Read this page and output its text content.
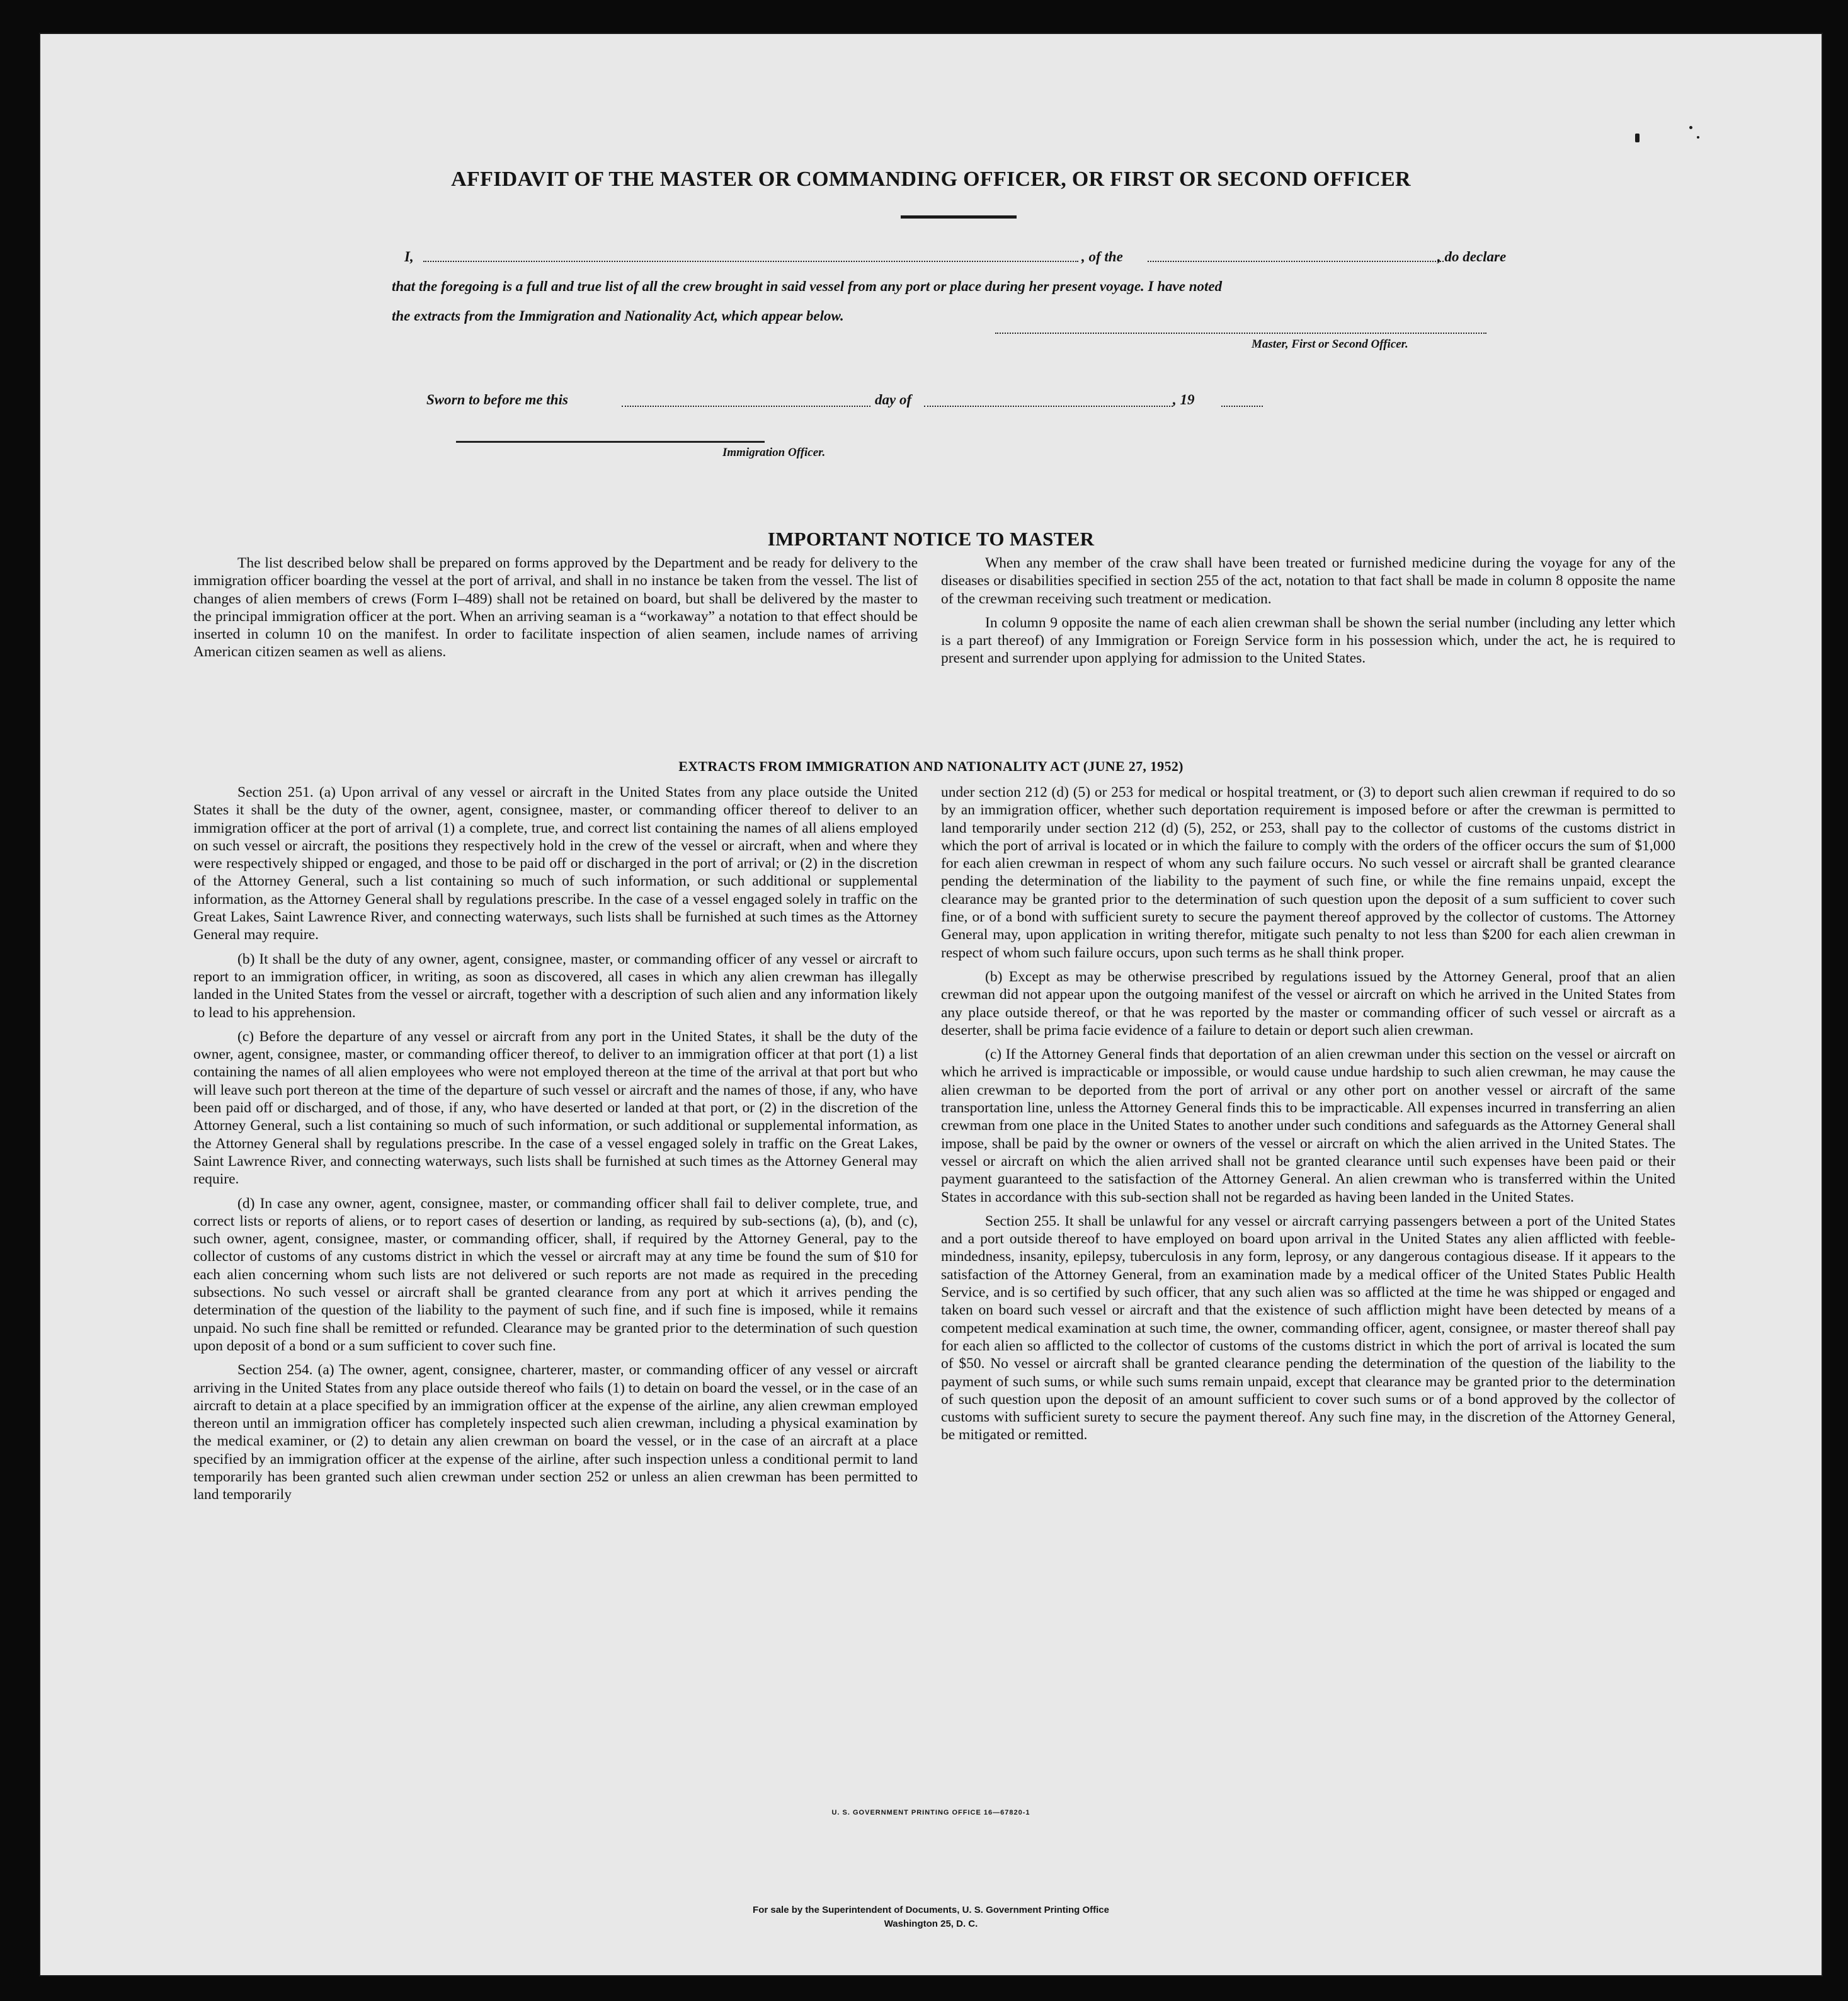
AFFIDAVIT OF THE MASTER OR COMMANDING OFFICER, OR FIRST OR SECOND OFFICER
I,	, of the	, do declare
that the foregoing is a full and true list of all the crew brought in said vessel from any port or place during her present voyage. I have noted
the extracts from the Immigration and Nationality Act, which appear below.
Master, First or Second Officer.
Sworn to before me this	day of	, 19
Immigration Officer.
IMPORTANT NOTICE TO MASTER

The list described below shall be prepared on forms approved by the Department and be ready for delivery to the immigration officer boarding the vessel at the port of arrival, and shall in no instance be taken from the vessel. The list of changes of alien members of crews (Form I–489) shall not be retained on board, but shall be delivered by the master to the principal immigration officer at the port. When an arriving seaman is a “workaway” a notation to that effect should be inserted in column 10 on the manifest. In order to facilitate inspection of alien seamen, include names of arriving American citizen seamen as well as aliens.

When any member of the craw shall have been treated or furnished medicine during the voyage for any of the diseases or disabilities specified in section 255 of the act, notation to that fact shall be made in column 8 opposite the name of the crewman receiving such treatment or medication.

In column 9 opposite the name of each alien crewman shall be shown the serial number (including any letter which is a part thereof) of any Immigration or Foreign Service form in his possession which, under the act, he is required to present and surrender upon applying for admission to the United States.

EXTRACTS FROM IMMIGRATION AND NATIONALITY ACT (JUNE 27, 1952)

Section 251. (a) Upon arrival of any vessel or aircraft in the United States from any place outside the United States it shall be the duty of the owner, agent, consignee, master, or commanding officer thereof to deliver to an immigration officer at the port of arrival (1) a complete, true, and correct list containing the names of all aliens employed on such vessel or aircraft, the positions they respectively hold in the crew of the vessel or aircraft, when and where they were respectively shipped or engaged, and those to be paid off or discharged in the port of arrival; or (2) in the discretion of the Attorney General, such a list containing so much of such information, or such additional or supplemental information, as the Attorney General shall by regulations prescribe. In the case of a vessel engaged solely in traffic on the Great Lakes, Saint Lawrence River, and connecting waterways, such lists shall be furnished at such times as the Attorney General may require.

(b) It shall be the duty of any owner, agent, consignee, master, or commanding officer of any vessel or aircraft to report to an immigration officer, in writing, as soon as discovered, all cases in which any alien crewman has illegally landed in the United States from the vessel or aircraft, together with a description of such alien and any information likely to lead to his apprehension.

(c) Before the departure of any vessel or aircraft from any port in the United States, it shall be the duty of the owner, agent, consignee, master, or commanding officer thereof, to deliver to an immigration officer at that port (1) a list containing the names of all alien employees who were not employed thereon at the time of the arrival at that port but who will leave such port thereon at the time of the departure of such vessel or aircraft and the names of those, if any, who have been paid off or discharged, and of those, if any, who have deserted or landed at that port, or (2) in the discretion of the Attorney General, such a list containing so much of such information, or such additional or supplemental information, as the Attorney General shall by regulations prescribe. In the case of a vessel engaged solely in traffic on the Great Lakes, Saint Lawrence River, and connecting waterways, such lists shall be furnished at such times as the Attorney General may require.

(d) In case any owner, agent, consignee, master, or commanding officer shall fail to deliver complete, true, and correct lists or reports of aliens, or to report cases of desertion or landing, as required by sub-sections (a), (b), and (c), such owner, agent, consignee, master, or commanding officer, shall, if required by the Attorney General, pay to the collector of customs of any customs district in which the vessel or aircraft may at any time be found the sum of $10 for each alien concerning whom such lists are not delivered or such reports are not made as required in the preceding subsections. No such vessel or aircraft shall be granted clearance from any port at which it arrives pending the determination of the question of the liability to the payment of such fine, and if such fine is imposed, while it remains unpaid. No such fine shall be remitted or refunded. Clearance may be granted prior to the determination of such question upon deposit of a bond or a sum sufficient to cover such fine.

Section 254. (a) The owner, agent, consignee, charterer, master, or commanding officer of any vessel or aircraft arriving in the United States from any place outside thereof who fails (1) to detain on board the vessel, or in the case of an aircraft to detain at a place specified by an immigration officer at the expense of the airline, any alien crewman employed thereon until an immigration officer has completely inspected such alien crewman, including a physical examination by the medical examiner, or (2) to detain any alien crewman on board the vessel, or in the case of an aircraft at a place specified by an immigration officer at the expense of the airline, after such inspection unless a conditional permit to land temporarily has been granted such alien crewman under section 252 or unless an alien crewman has been permitted to land temporarily

under section 212 (d) (5) or 253 for medical or hospital treatment, or (3) to deport such alien crewman if required to do so by an immigration officer, whether such deportation requirement is imposed before or after the crewman is permitted to land temporarily under section 212 (d) (5), 252, or 253, shall pay to the collector of customs of the customs district in which the port of arrival is located or in which the failure to comply with the orders of the officer occurs the sum of $1,000 for each alien crewman in respect of whom any such failure occurs. No such vessel or aircraft shall be granted clearance pending the determination of the liability to the payment of such fine, or while the fine remains unpaid, except the clearance may be granted prior to the determination of such question upon the deposit of a sum sufficient to cover such fine, or of a bond with sufficient surety to secure the payment thereof approved by the collector of customs. The Attorney General may, upon application in writing therefor, mitigate such penalty to not less than $200 for each alien crewman in respect of whom such failure occurs, upon such terms as he shall think proper.

(b) Except as may be otherwise prescribed by regulations issued by the Attorney General, proof that an alien crewman did not appear upon the outgoing manifest of the vessel or aircraft on which he arrived in the United States from any place outside thereof, or that he was reported by the master or commanding officer of such vessel or aircraft as a deserter, shall be prima facie evidence of a failure to detain or deport such alien crewman.

(c) If the Attorney General finds that deportation of an alien crewman under this section on the vessel or aircraft on which he arrived is impracticable or impossible, or would cause undue hardship to such alien crewman, he may cause the alien crewman to be deported from the port of arrival or any other port on another vessel or aircraft of the same transportation line, unless the Attorney General finds this to be impracticable. All expenses incurred in transferring an alien crewman from one place in the United States to another under such conditions and safeguards as the Attorney General shall impose, shall be paid by the owner or owners of the vessel or aircraft on which the alien arrived in the United States. The vessel or aircraft on which the alien arrived shall not be granted clearance until such expenses have been paid or their payment guaranteed to the satisfaction of the Attorney General. An alien crewman who is transferred within the United States in accordance with this sub-section shall not be regarded as having been landed in the United States.

Section 255. It shall be unlawful for any vessel or aircraft carrying passengers between a port of the United States and a port outside thereof to have employed on board upon arrival in the United States any alien afflicted with feeble-mindedness, insanity, epilepsy, tuberculosis in any form, leprosy, or any dangerous contagious disease. If it appears to the satisfaction of the Attorney General, from an examination made by a medical officer of the United States Public Health Service, and is so certified by such officer, that any such alien was so afflicted at the time he was shipped or engaged and taken on board such vessel or aircraft and that the existence of such affliction might have been detected by means of a competent medical examination at such time, the owner, commanding officer, agent, consignee, or master thereof shall pay for each alien so afflicted to the collector of customs of the customs district in which the port of arrival is located the sum of $50. No vessel or aircraft shall be granted clearance pending the determination of the question of the liability to the payment of such sums, or while such sums remain unpaid, except that clearance may be granted prior to the determination of such question upon the deposit of an amount sufficient to cover such sums or of a bond approved by the collector of customs with sufficient surety to secure the payment thereof. Any such fine may, in the discretion of the Attorney General, be mitigated or remitted.

U. S. GOVERNMENT PRINTING OFFICE 16—67820-1
For sale by the Superintendent of Documents, U. S. Government Printing Office
Washington 25, D. C.
